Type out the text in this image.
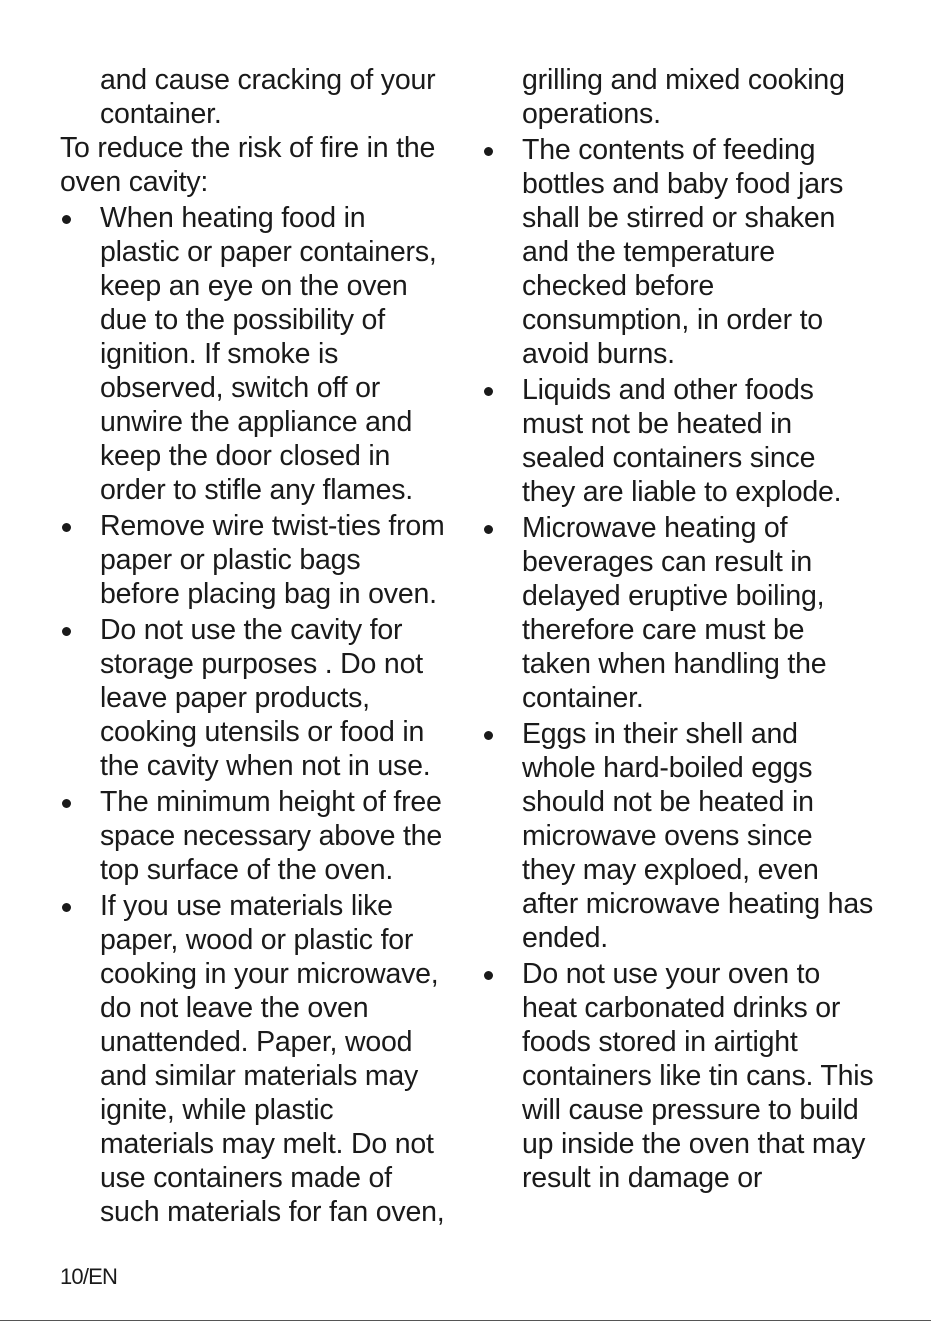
and cause cracking of your
container.
To reduce the risk of fire in the
oven cavity:
When heating food in
plastic or paper containers,
keep an eye on the oven
due to the possibility of
ignition. If smoke is
observed, switch off or
unwire the appliance and
keep the door closed in
order to stifle any flames.
Remove wire twist-ties from
paper or plastic bags
before placing bag in oven.
Do not use the cavity for
storage purposes . Do not
leave paper products,
cooking utensils or food in
the cavity when not in use.
The minimum height of free
space necessary above the
top surface of the oven.
If you use materials like
paper, wood or plastic for
cooking in your microwave,
do not leave the oven
unattended. Paper, wood
and similar materials may
ignite, while plastic
materials may melt. Do not
use containers made of
such materials for fan oven,
grilling and mixed cooking
operations.
The contents of feeding
bottles and baby food jars
shall be stirred or shaken
and the temperature
checked before
consumption, in order to
avoid burns.
Liquids and other foods
must not be heated in
sealed containers since
they are liable to explode.
Microwave heating of
beverages can result in
delayed eruptive boiling,
therefore care must be
taken when handling the
container.
Eggs in their shell and
whole hard-boiled eggs
should not be heated in
microwave ovens since
they may exploed, even
after microwave heating has
ended.
Do not use your oven to
heat carbonated drinks or
foods stored in airtight
containers like tin cans. This
will cause pressure to build
up inside the oven that may
result in damage or
10/EN
